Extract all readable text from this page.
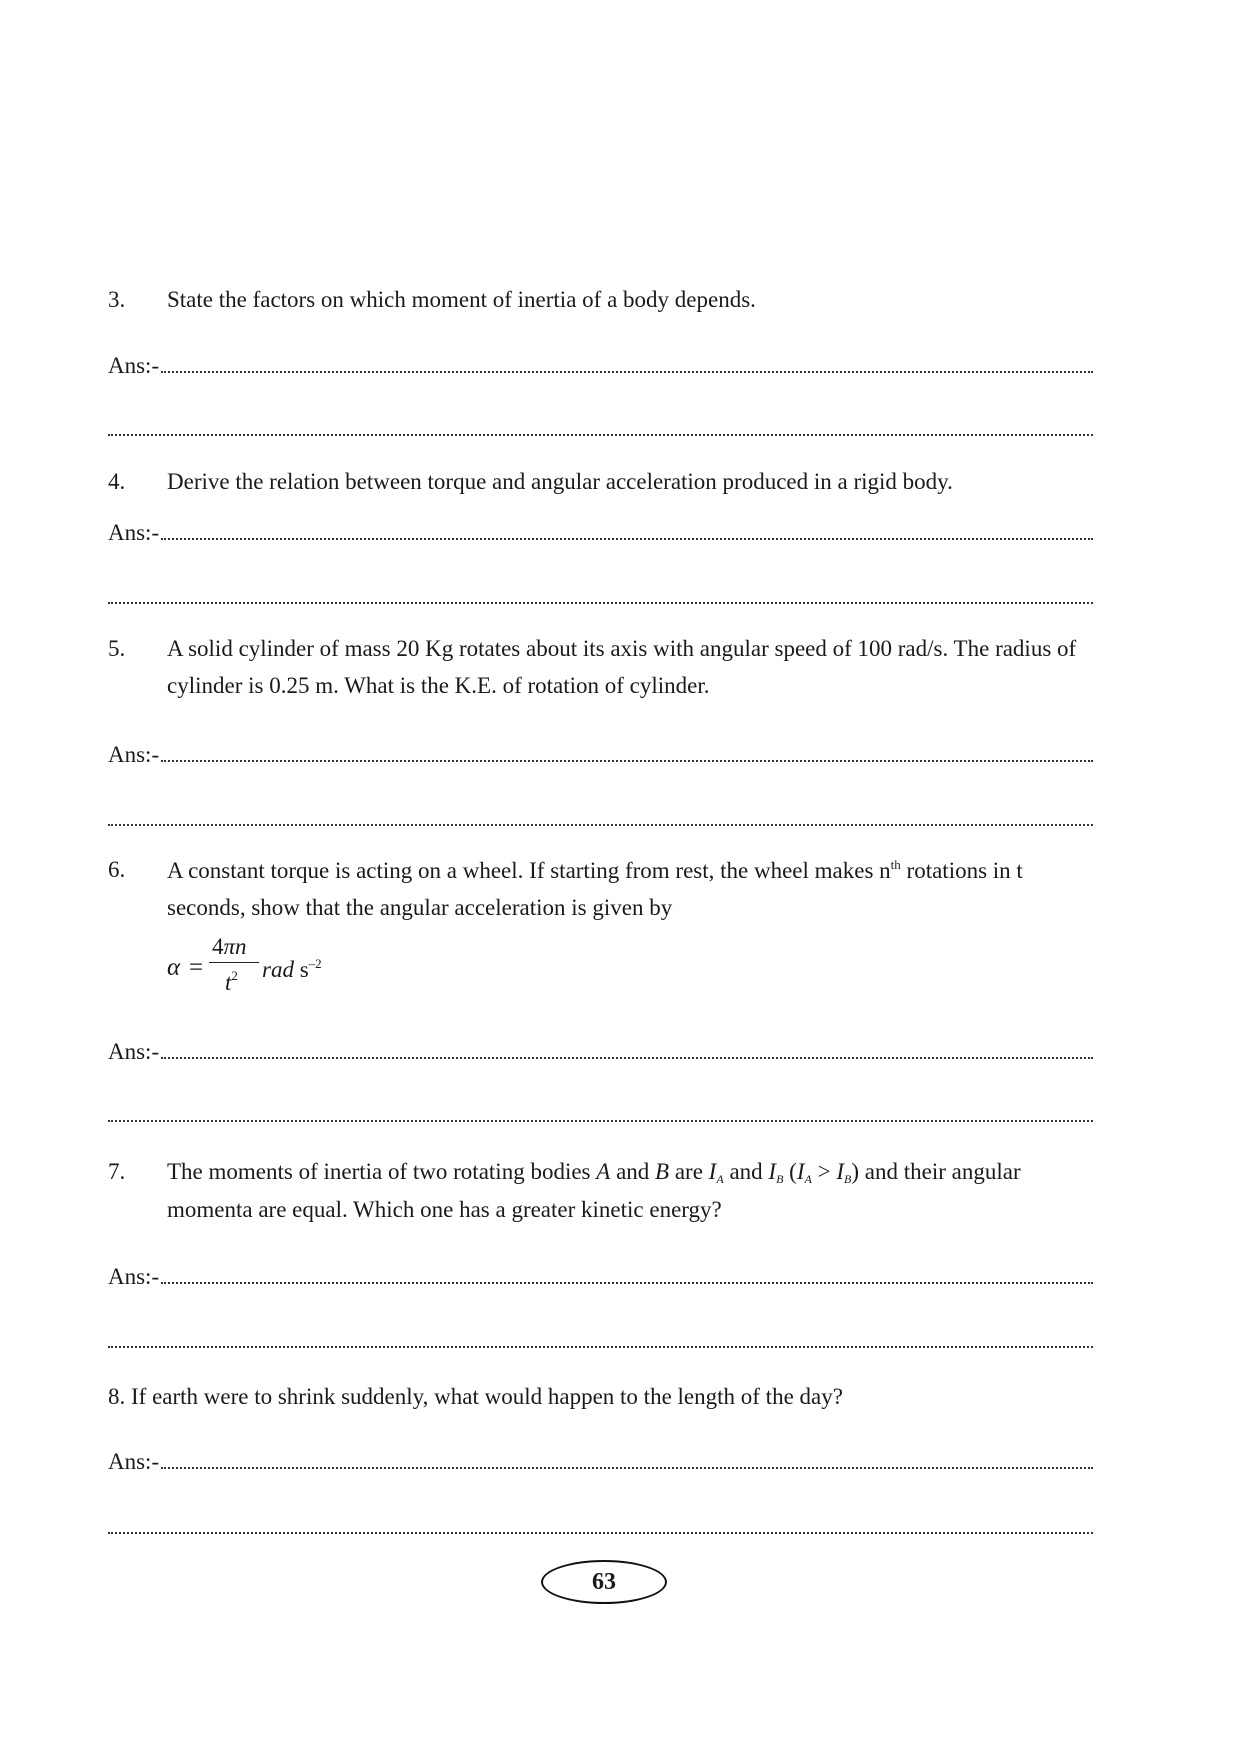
3. State the factors on which moment of inertia of a body depends.
Ans:-
4. Derive the relation between torque and angular acceleration produced in a rigid body.
Ans:-
5. A solid cylinder of mass 20 Kg rotates about its axis with angular speed of 100 rad/s. The radius of
cylinder is 0.25 m. What is the K.E. of rotation of cylinder.
Ans:-
6. A constant torque is acting on a wheel. If starting from rest, the wheel makes $n^{th}$ rotations in t
seconds, show that the angular acceleration is given by
α =
4πn
$t^2$ rad $s^{-2}$
Ans:-
7. The moments of inertia of two rotating bodies A and B are $I_A$ and $I_B$ $(I_A > I_B)$ and their angular
momenta are equal. Which one has a greater kinetic energy?
Ans:-
8. If earth were to shrink suddenly, what would happen to the length of the day?
Ans:-
63
